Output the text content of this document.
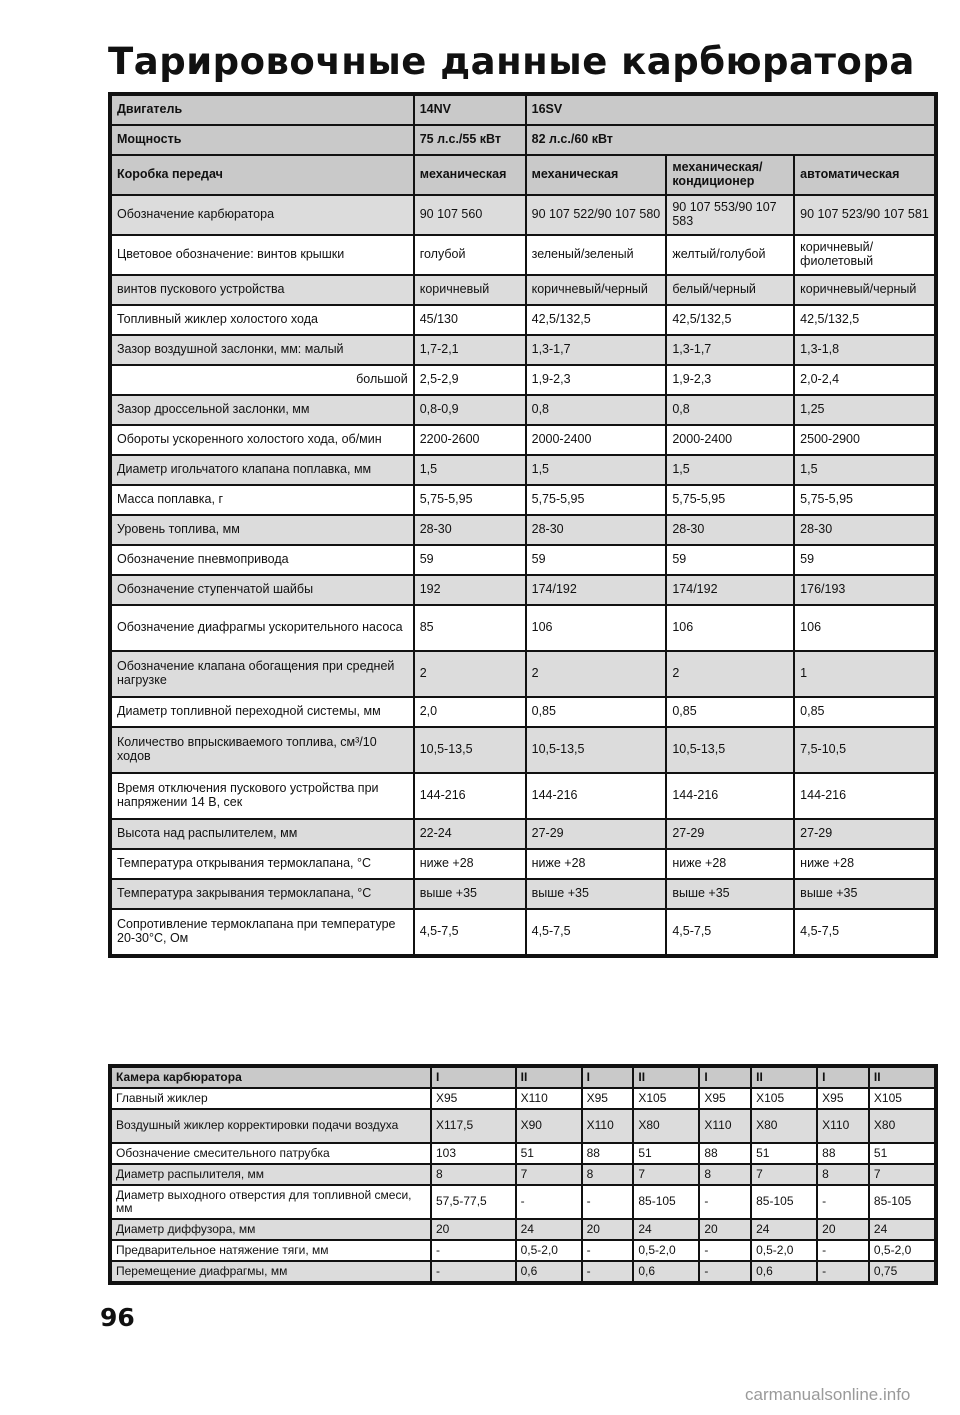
Тарировочные данные карбюратора
Двигатель	14NV	16SV		
Мощность	75 л.с./55 кВт	82 л.с./60 кВт		
Коробка передач	механическая	механическая	механическая/ кондиционер	автоматическая
Обозначение карбюратора	90 107 560	90 107 522/90 107 580	90 107 553/90 107 583	90 107 523/90 107 581
Цветовое обозначение: винтов крышки	голубой	зеленый/зеленый	желтый/голубой	коричневый/ фиолетовый
винтов пускового устройства	коричневый	коричневый/черный	белый/черный	коричневый/черный
Топливный жиклер холостого хода	45/130	42,5/132,5	42,5/132,5	42,5/132,5
Зазор воздушной заслонки, мм: малый	1,7-2,1	1,3-1,7	1,3-1,7	1,3-1,8
большой	2,5-2,9	1,9-2,3	1,9-2,3	2,0-2,4
Зазор дроссельной заслонки, мм	0,8-0,9	0,8	0,8	1,25
Обороты ускоренного холостого хода, об/мин	2200-2600	2000-2400	2000-2400	2500-2900
Диаметр игольчатого клапана поплавка, мм	1,5	1,5	1,5	1,5
Масса поплавка, г	5,75-5,95	5,75-5,95	5,75-5,95	5,75-5,95
Уровень топлива, мм	28-30	28-30	28-30	28-30
Обозначение пневмопривода	59	59	59	59
Обозначение ступенчатой шайбы	192	174/192	174/192	176/193
Обозначение диафрагмы ускорительного насоса	85	106	106	106
Обозначение клапана обогащения при средней нагрузке	2	2	2	1
Диаметр топливной переходной системы, мм	2,0	0,85	0,85	0,85
Количество впрыскиваемого топлива, см³/10 ходов	10,5-13,5	10,5-13,5	10,5-13,5	7,5-10,5
Время отключения пускового устройства при напряжении 14 В, сек	144-216	144-216	144-216	144-216
Высота над распылителем, мм	22-24	27-29	27-29	27-29
Температура открывания термоклапана, °С	ниже +28	ниже +28	ниже +28	ниже +28
Температура закрывания термоклапана, °С	выше +35	выше +35	выше +35	выше +35
Сопротивление термоклапана при температуре 20-30°С, Ом	4,5-7,5	4,5-7,5	4,5-7,5	4,5-7,5
Камера карбюратора	I	II	I	II	I	II	I	II
Главный жиклер	X95	X110	X95	X105	X95	X105	X95	X105
Воздушный жиклер корректировки подачи воздуха	X117,5	X90	X110	X80	X110	X80	X110	X80
Обозначение смесительного патрубка	103	51	88	51	88	51	88	51
Диаметр распылителя, мм	8	7	8	7	8	7	8	7
Диаметр выходного отверстия для топливной смеси, мм	57,5-77,5	-	-	85-105	-	85-105	-	85-105
Диаметр диффузора, мм	20	24	20	24	20	24	20	24
Предварительное натяжение тяги, мм	-	0,5-2,0	-	0,5-2,0	-	0,5-2,0	-	0,5-2,0
Перемещение диафрагмы, мм	-	0,6	-	0,6	-	0,6	-	0,75
96
carmanualsonline.info
